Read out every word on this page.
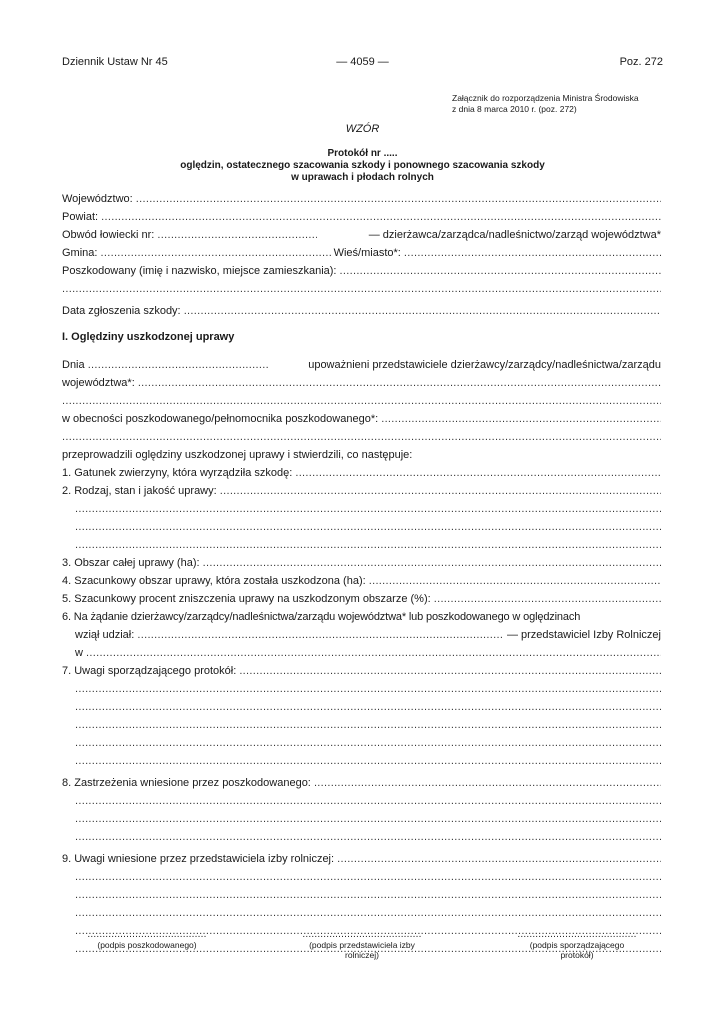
Dziennik Ustaw Nr 45	— 4059 —	Poz. 272
Załącznik do rozporządzenia Ministra Środowiska
z dnia 8 marca 2010 r. (poz. 272)
WZÓR
Protokół nr .....
oględzin, ostatecznego szacowania szkody i ponownego szacowania szkody
w uprawach i płodach rolnych
Województwo:

.....
Powiat:

.....
Obwód łowiecki nr:
.....
	— dzierżawca/zarządca/nadleśnictwo/zarząd województwa*
Gmina:
.....
	Wieś/miasto*:

.....
Poszkodowany (imię i nazwisko, miejsce zamieszkania):

.....
.....
Data zgłoszenia szkody:

.....
I. Oględziny uszkodzonej uprawy
Dnia
.....
	upoważnieni przedstawiciele dzierżawcy/zarządcy/nadleśnictwa/zarządu
województwa*:

.....
.....
w obecności poszkodowanego/pełnomocnika poszkodowanego*:

.....
.....
przeprowadzili oględziny uszkodzonej uprawy i stwierdzili, co następuje:
1. Gatunek zwierzyny, która wyrządziła szkodę:

.....
2. Rodzaj, stan i jakość uprawy:

.....
.....
.....
.....
3. Obszar całej uprawy (ha):

.....
4. Szacunkowy obszar uprawy, która została uszkodzona (ha):

.....
5. Szacunkowy procent zniszczenia uprawy na uszkodzonym obszarze (%):

.....
6. Na żądanie dzierżawcy/zarządcy/nadleśnictwa/zarządu województwa* lub poszkodowanego w oględzinach
wziął udział:
.....
	— przedstawiciel Izby Rolniczej
w

.....
7. Uwagi sporządzającego protokół:

.....
.....
.....
.....
.....
.....
8. Zastrzeżenia wniesione przez poszkodowanego:

.....
.....
.....
.....
9. Uwagi wniesione przez przedstawiciela izby rolniczej:

.....
.....
.....
.....
.....
.....
........................................
(podpis poszkodowanego)
........................................
(podpis przedstawiciela izby
rolniczej)
........................................
(podpis sporządzającego
protokół)
